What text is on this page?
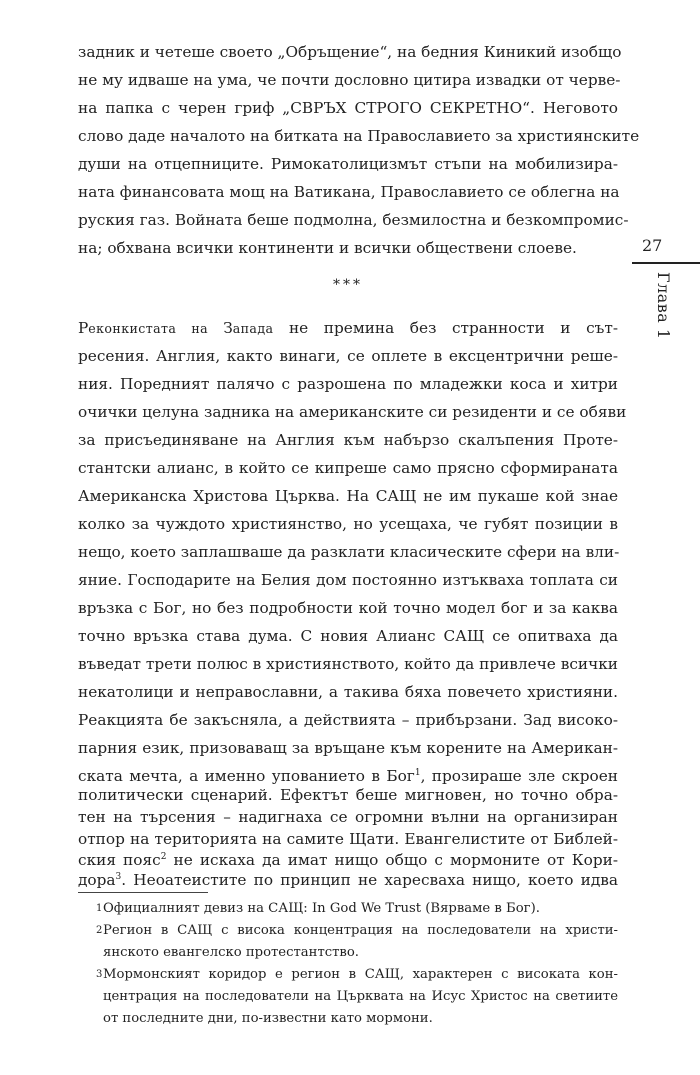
задник и четеше своето „Обръщение“, на бедния Киникий изобщо
не му идваше на ума, че почти дословно цитира извадки от черве-
на папка с черен гриф „СВРЪХ СТРОГО СЕКРЕТНО“. Неговото
слово даде началото на битката на Православието за християнските
души на отцепниците. Римокатолицизмът стъпи на мобилизира-
ната финансовата мощ на Ватикана, Православието се облегна на
руския газ. Войната беше подмолна, безмилостна и безкомпромис-
на; обхвана всички континенти и всички обществени слоеве.
***
Реконкистата на Запада не премина без странности и сът-
ресения. Англия, както винаги, се оплете в ексцентрични реше-
ния. Поредният палячо с разрошена по младежки коса и хитри
очички целуна задника на американските си резиденти и се обяви
за присъединяване на Англия към набързо скалъпения Проте-
стантски алианс, в който се кипреше само прясно сформираната
Американска Христова Църква. На САЩ не им пукаше кой знае
колко за чуждото християнство, но усещаха, че губят позиции в
нещо, което заплашваше да разклати класическите сфери на вли-
яние. Господарите на Белия дом постоянно изтъкваха топлата си
връзка с Бог, но без подробности кой точно модел бог и за каква
точно връзка става дума. С новия Алианс САЩ се опитваха да
въведат трети полюс в християнството, който да привлече всички
некатолици и неправославни, а такива бяха повечето християни.
Реакцията бе закъсняла, а действията – прибързани. Зад високо-
парния език, призоваващ за връщане към корените на Американ-
ската мечта, а именно упованието в Бог$^1$, прозираше зле скроен
политически сценарий. Ефектът беше мигновен, но точно обра-
тен на търсения – надигнаха се огромни вълни на организиран
отпор на територията на самите Щати. Евангелистите от Библей-
27
Глава 1
1 Официалният девиз на САЩ: In God We Trust (Вярваме в Бог).
2 Регион в САЩ с висока концентрация на последователи на христи-
янското евангелско протестантство.
3 Мормонският коридор е регион в САЩ, характерен с високата кон-
центрация на последователи на Църквата на Исус Христос на светиите
от последните дни, по-известни като мормони.
ския пояс$^2$ не искаха да имат нищо общо с мормоните от Кори-
дора$^3$. Неоатеистите по принцип не харесваха нищо, което идва
